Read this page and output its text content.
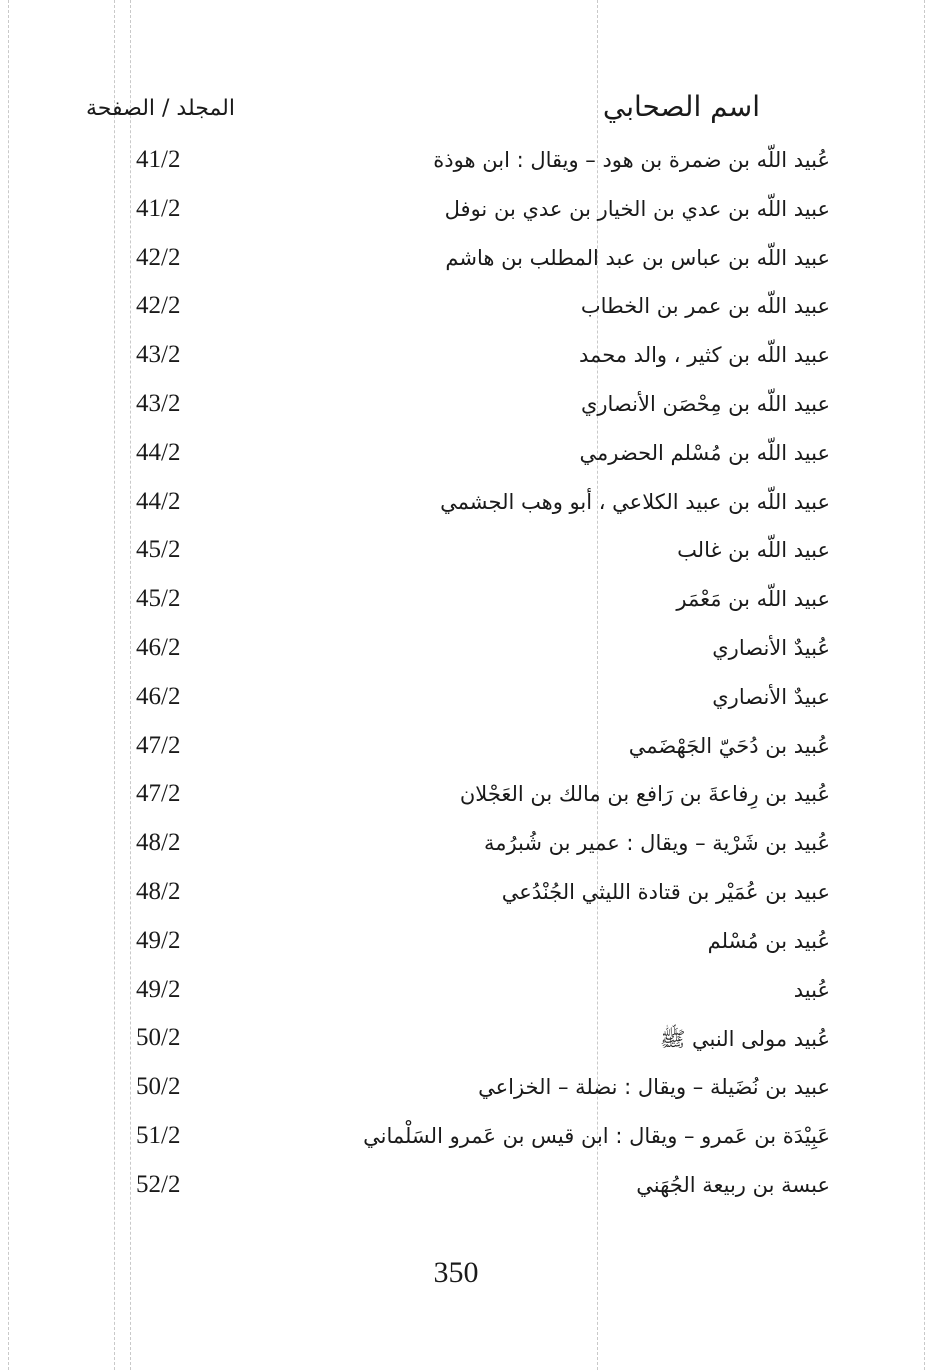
اسم الصحابي
المجلد / الصفحة
عُبيد اللّه بن ضمرة بن هود – ويقال : ابن هوذة
41/2
عبيد اللّه بن عدي بن الخيار بن عدي بن نوفل
41/2
عبيد اللّه بن عباس بن عبد المطلب بن هاشم
42/2
عبيد اللّه بن عمر بن الخطاب
42/2
عبيد اللّه بن كثير ، والد محمد
43/2
عبيد اللّه بن مِحْصَن الأنصاري
43/2
عبيد اللّه بن مُسْلم الحضرمي
44/2
عبيد اللّه بن عبيد الكلاعي ، أبو وهب الجشمي
44/2
عبيد اللّه بن غالب
45/2
عبيد اللّه بن مَعْمَر
45/2
عُبيدٌ الأنصاري
46/2
عبيدٌ الأنصاري
46/2
عُبيد بن دُحَيّ الجَهْضَمي
47/2
عُبيد بن رِفاعةَ بن رَافع بن مالك بن العَجْلان
47/2
عُبيد بن شَرْية – ويقال : عمير بن شُبرُمة
48/2
عبيد بن عُمَيْر بن قتادة الليثي الجُنْدُعي
48/2
عُبيد بن مُسْلم
49/2
عُبيد
49/2
عُبيد مولى النبي ﷺ
50/2
عبيد بن نُضَيلة – ويقال : نضلة – الخزاعي
50/2
عَبِيْدَة بن عَمرو – ويقال : ابن قيس بن عَمرو السَلْماني
51/2
عبسة بن ربيعة الجُهَني
52/2
350
